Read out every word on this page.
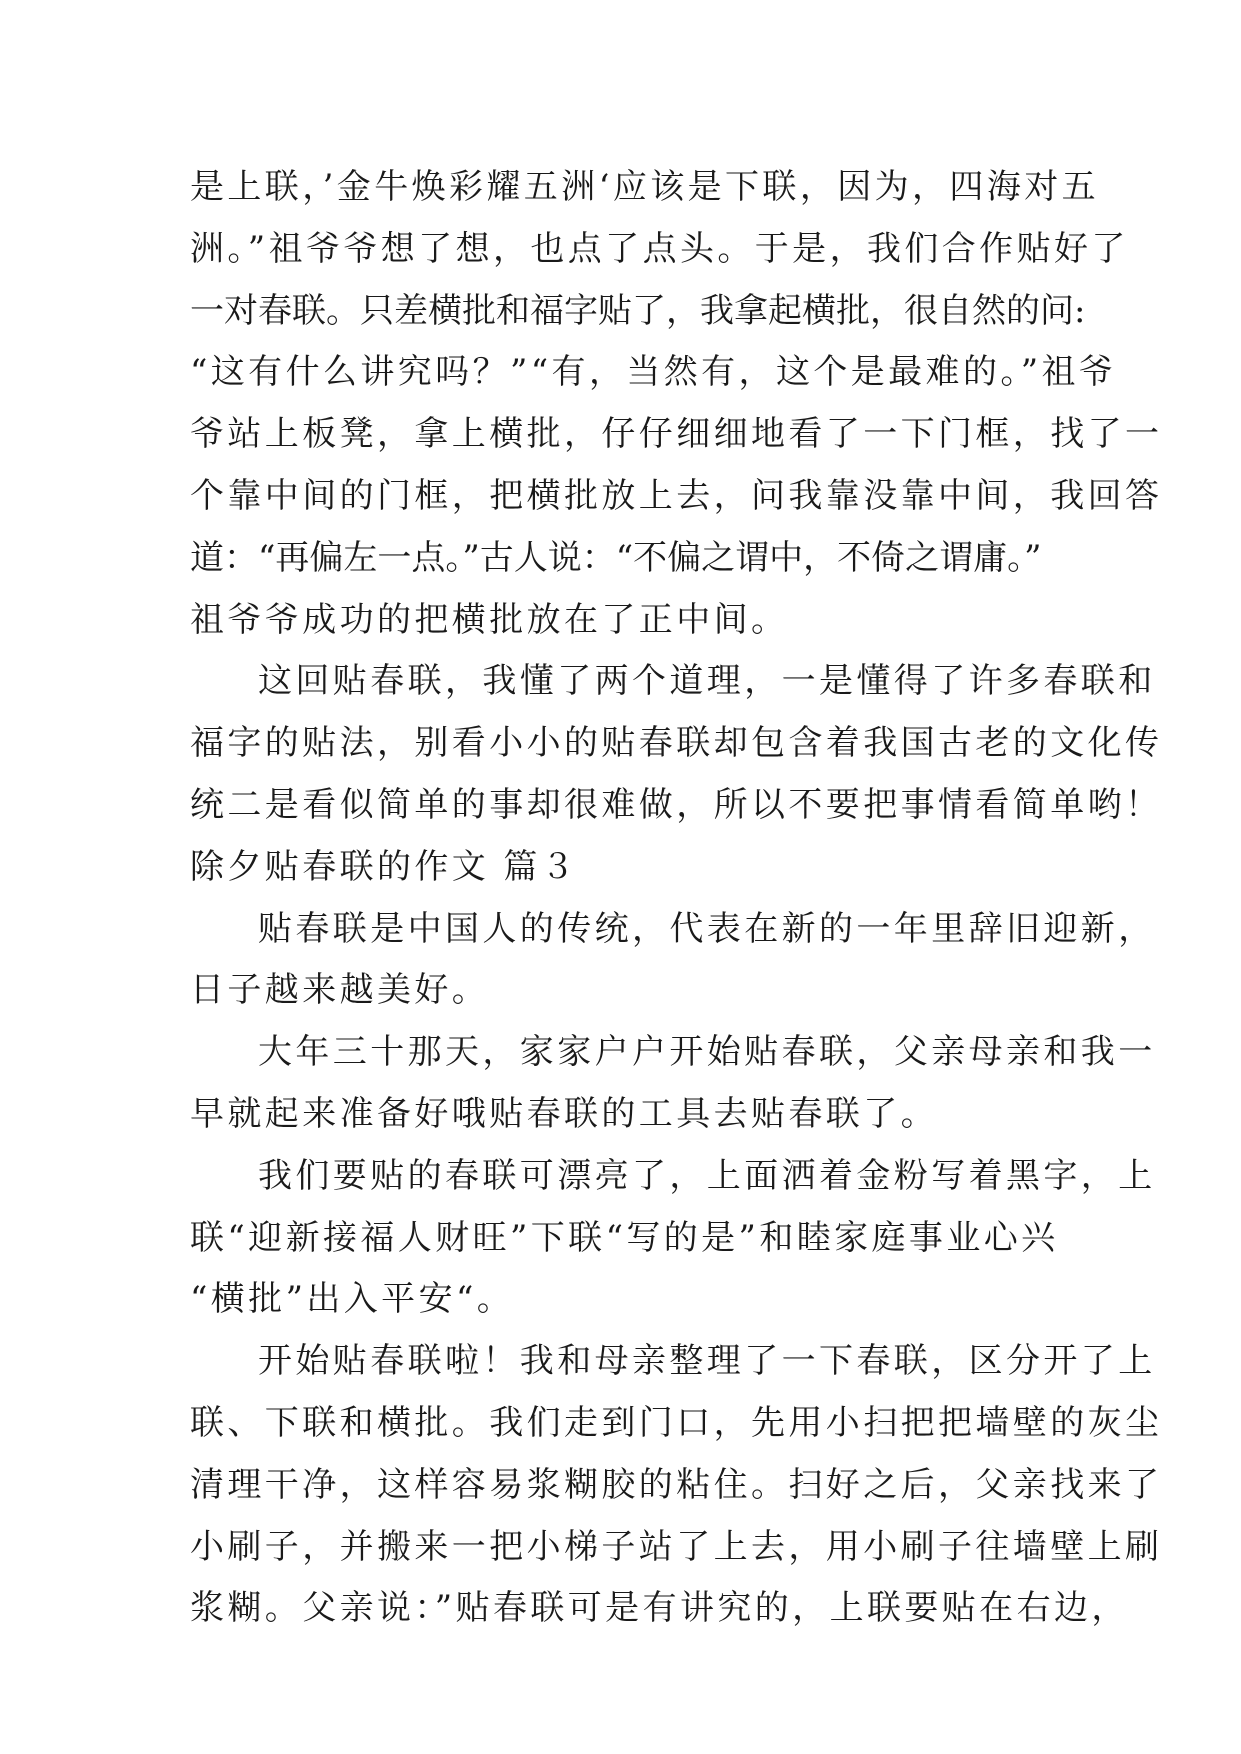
是上联，’金牛焕彩耀五洲‘应该是下联，因为，四海对五
洲。”祖爷爷想了想，也点了点头。于是，我们合作贴好了
一对春联。只差横批和福字贴了，我拿起横批，很自然的问:
“这有什么讲究吗？”“有，当然有，这个是最难的。”祖爷
爷站上板凳，拿上横批，仔仔细细地看了一下门框，找了一
个靠中间的门框，把横批放上去，问我靠没靠中间，我回答
道：“再偏左一点。”古人说：“不偏之谓中，不倚之谓庸。”
祖爷爷成功的把横批放在了正中间。
这回贴春联，我懂了两个道理，一是懂得了许多春联和
福字的贴法，别看小小的贴春联却包含着我国古老的文化传
统二是看似简单的事却很难做，所以不要把事情看简单哟！
除夕贴春联的作文 篇３
贴春联是中国人的传统，代表在新的一年里辞旧迎新，
日子越来越美好。
大年三十那天，家家户户开始贴春联，父亲母亲和我一
早就起来准备好哦贴春联的工具去贴春联了。
我们要贴的春联可漂亮了，上面洒着金粉写着黑字，上
联“迎新接福人财旺”下联“写的是”和睦家庭事业心兴
“横批”出入平安“。
开始贴春联啦！我和母亲整理了一下春联，区分开了上
联、下联和横批。我们走到门口，先用小扫把把墙壁的灰尘
清理干净，这样容易浆糊胶的粘住。扫好之后，父亲找来了
小刷子，并搬来一把小梯子站了上去，用小刷子往墙壁上刷
浆糊。父亲说：”贴春联可是有讲究的，上联要贴在右边，
